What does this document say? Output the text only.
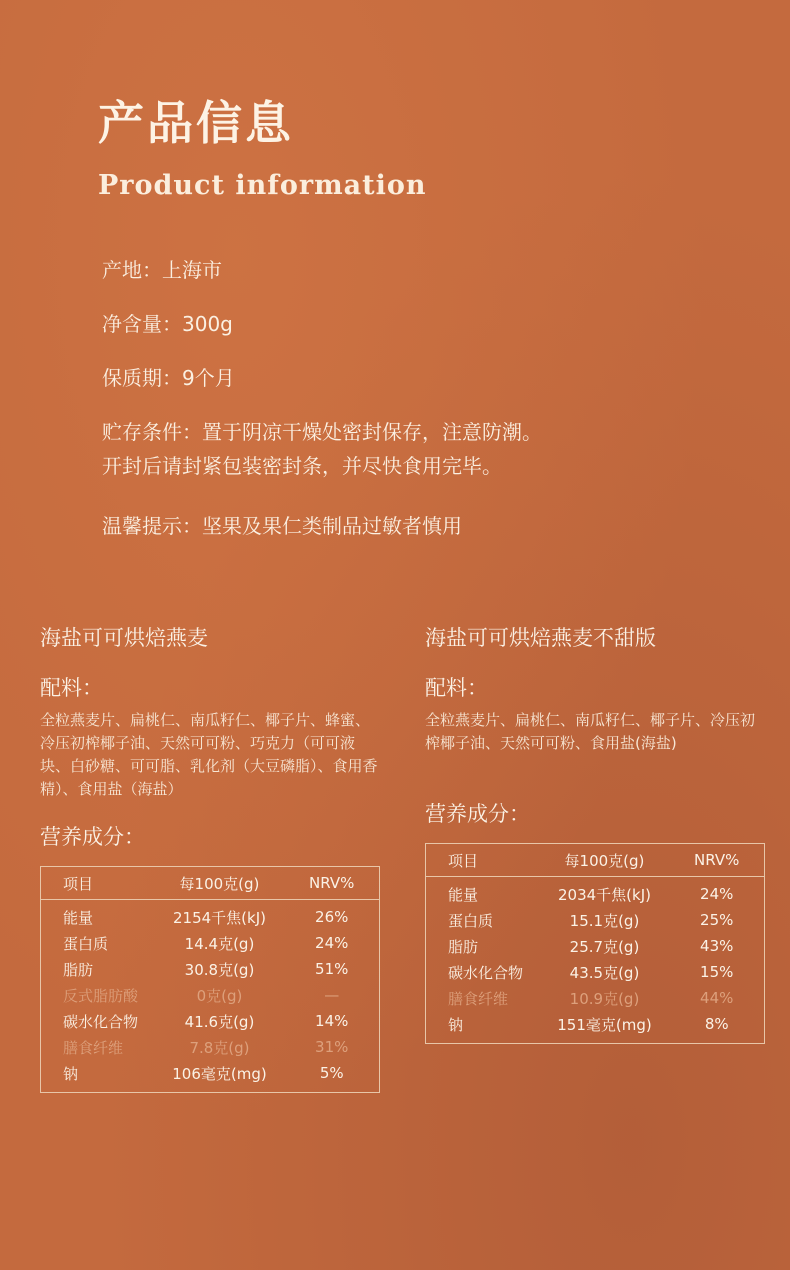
产品信息
Product information
产地：上海市
净含量：300g
保质期：9个月
贮存条件：置于阴凉干燥处密封保存，注意防潮。
开封后请封紧包装密封条，并尽快食用完毕。
温馨提示：坚果及果仁类制品过敏者慎用
海盐可可烘焙燕麦
配料：

全粒燕麦片、扁桃仁、南瓜籽仁、椰子片、蜂蜜、冷压初榨椰子油、天然可可粉、巧克力（可可液块、白砂糖、可可脂、乳化剂（大豆磷脂）、食用香精）、食用盐（海盐）

营养成分：
项目	每100克(g)	NRV%
能量	2154千焦(kJ)	26%
蛋白质	14.4克(g)	24%
脂肪	30.8克(g)	51%
反式脂肪酸	0克(g)	—
碳水化合物	41.6克(g)	14%
膳食纤维	7.8克(g)	31%
钠	106毫克(mg)	5%

海盐可可烘焙燕麦不甜版
配料：

全粒燕麦片、扁桃仁、南瓜籽仁、椰子片、冷压初榨椰子油、天然可可粉、食用盐(海盐)

营养成分：
项目	每100克(g)	NRV%
能量	2034千焦(kJ)	24%
蛋白质	15.1克(g)	25%
脂肪	25.7克(g)	43%
碳水化合物	43.5克(g)	15%
膳食纤维	10.9克(g)	44%
钠	151毫克(mg)	8%
